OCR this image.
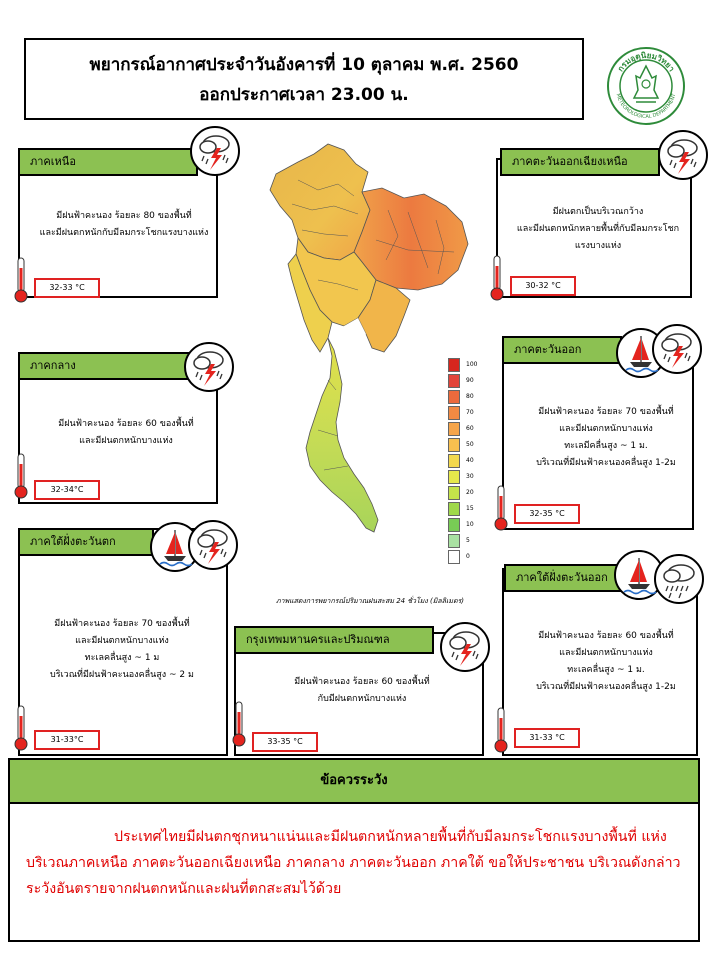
พยากรณ์อากาศประจำวันอังคารที่ 10 ตุลาคม พ.ศ. 2560
ออกประกาศเวลา 23.00 น.
กรมอุตุนิยมวิทยา
METEOROLOGICAL DEPARTMENT
ภาคเหนือ
มีฝนฟ้าคะนอง ร้อยละ 80 ของพื้นที่
และมีฝนตกหนักกับมีลมกระโชกแรงบางแห่ง
32-33 °C
ภาคตะวันออกเฉียงเหนือ
มีฝนตกเป็นบริเวณกว้าง
และมีฝนตกหนักหลายพื้นที่กับมีลมกระโชก
แรงบางแห่ง
30-32 °C
ภาคกลาง
มีฝนฟ้าคะนอง ร้อยละ 60 ของพื้นที่
และมีฝนตกหนักบางแห่ง
32-34°C
ภาคตะวันออก
มีฝนฟ้าคะนอง ร้อยละ 70 ของพื้นที่
และมีฝนตกหนักบางแห่ง
ทะเลมีคลื่นสูง ~ 1 ม.
บริเวณที่มีฝนฟ้าคะนองคลื่นสูง 1-2ม
32-35 °C
ภาคใต้ฝั่งตะวันตก
มีฝนฟ้าคะนอง ร้อยละ 70 ของพื้นที่
และมีฝนตกหนักบางแห่ง
ทะเลคลื่นสูง ~ 1 ม
บริเวณที่มีฝนฟ้าคะนองคลื่นสูง ~ 2 ม
31-33°C
กรุงเทพมหานครและปริมณฑล
มีฝนฟ้าคะนอง ร้อยละ 60 ของพื้นที่
กับมีฝนตกหนักบางแห่ง
33-35 °C
ภาคใต้ฝั่งตะวันออก
มีฝนฟ้าคะนอง ร้อยละ 60 ของพื้นที่
และมีฝนตกหนักบางแห่ง
ทะเลคลื่นสูง ~ 1 ม.
บริเวณที่มีฝนฟ้าคะนองคลื่นสูง 1-2ม
31-33 °C
100
90
80
70
60
50
40
30
20
15
10
5
0
ภาพแสดงการพยากรณ์ปริมาณฝนสะสม 24 ชั่วโมง (มิลลิเมตร)
ข้อควรระวัง
ประเทศไทยมีฝนตกชุกหนาแน่นและมีฝนตกหนักหลายพื้นที่กับมีลมกระโชกแรงบางพื้นที่ แห่งบริเวณภาคเหนือ ภาคตะวันออกเฉียงเหนือ ภาคกลาง ภาคตะวันออก ภาคใต้ ขอให้ประชาชน บริเวณดังกล่าวระวังอันตรายจากฝนตกหนักและฝนที่ตกสะสมไว้ด้วย
